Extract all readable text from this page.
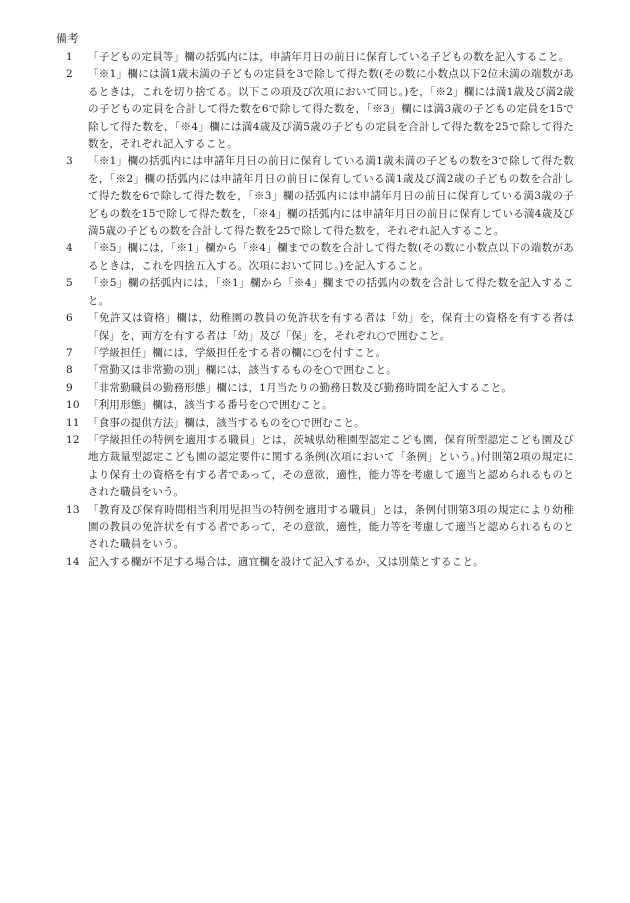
備考
1	「子どもの定員等」欄の括弧内には，申請年月日の前日に保育している子どもの数を記入すること。
2	「※1」欄には満1歳未満の子どもの定員を3で除して得た数(その数に小数点以下2位未満の端数があるときは，これを切り捨てる。以下この項及び次項において同じ。)を，「※2」欄には満1歳及び満2歳の子どもの定員を合計して得た数を6で除して得た数を，「※3」欄には満3歳の子どもの定員を15で除して得た数を，「※4」欄には満4歳及び満5歳の子どもの定員を合計して得た数を25で除して得た数を，それぞれ記入すること。
3	「※1」欄の括弧内には申請年月日の前日に保育している満1歳未満の子どもの数を3で除して得た数を，「※2」欄の括弧内には申請年月日の前日に保育している満1歳及び満2歳の子どもの数を合計して得た数を6で除して得た数を，「※3」欄の括弧内には申請年月日の前日に保育している満3歳の子どもの数を15で除して得た数を，「※4」欄の括弧内には申請年月日の前日に保育している満4歳及び満5歳の子どもの数を合計して得た数を25で除して得た数を，それぞれ記入すること。
4	「※5」欄には，「※1」欄から「※4」欄までの数を合計して得た数(その数に小数点以下の端数があるときは，これを四捨五入する。次項において同じ。)を記入すること。
5	「※5」欄の括弧内には，「※1」欄から「※4」欄までの括弧内の数を合計して得た数を記入すること。
6	「免許又は資格」欄は，幼稚園の教員の免許状を有する者は「幼」を，保育士の資格を有する者は「保」を，両方を有する者は「幼」及び「保」を，それぞれ○で囲むこと。
7	「学級担任」欄には，学級担任をする者の欄に○を付すこと。
8	「常勤又は非常勤の別」欄には，該当するものを○で囲むこと。
9	「非常勤職員の勤務形態」欄には，1月当たりの勤務日数及び勤務時間を記入すること。
10 「利用形態」欄は，該当する番号を○で囲むこと。
11 「食事の提供方法」欄は，該当するものを○で囲むこと。
12 「学級担任の特例を適用する職員」とは，茨城県幼稚園型認定こども園，保育所型認定こども園及び地方裁量型認定こども園の認定要件に関する条例(次項において「条例」という。)付則第2項の規定により保育士の資格を有する者であって，その意欲，適性，能力等を考慮して適当と認められるものとされた職員をいう。
13 「教育及び保育時間相当利用児担当の特例を適用する職員」とは，条例付則第3項の規定により幼稚園の教員の免許状を有する者であって，その意欲，適性，能力等を考慮して適当と認められるものとされた職員をいう。
14 記入する欄が不足する場合は，適宜欄を設けて記入するか，又は別葉とすること。
